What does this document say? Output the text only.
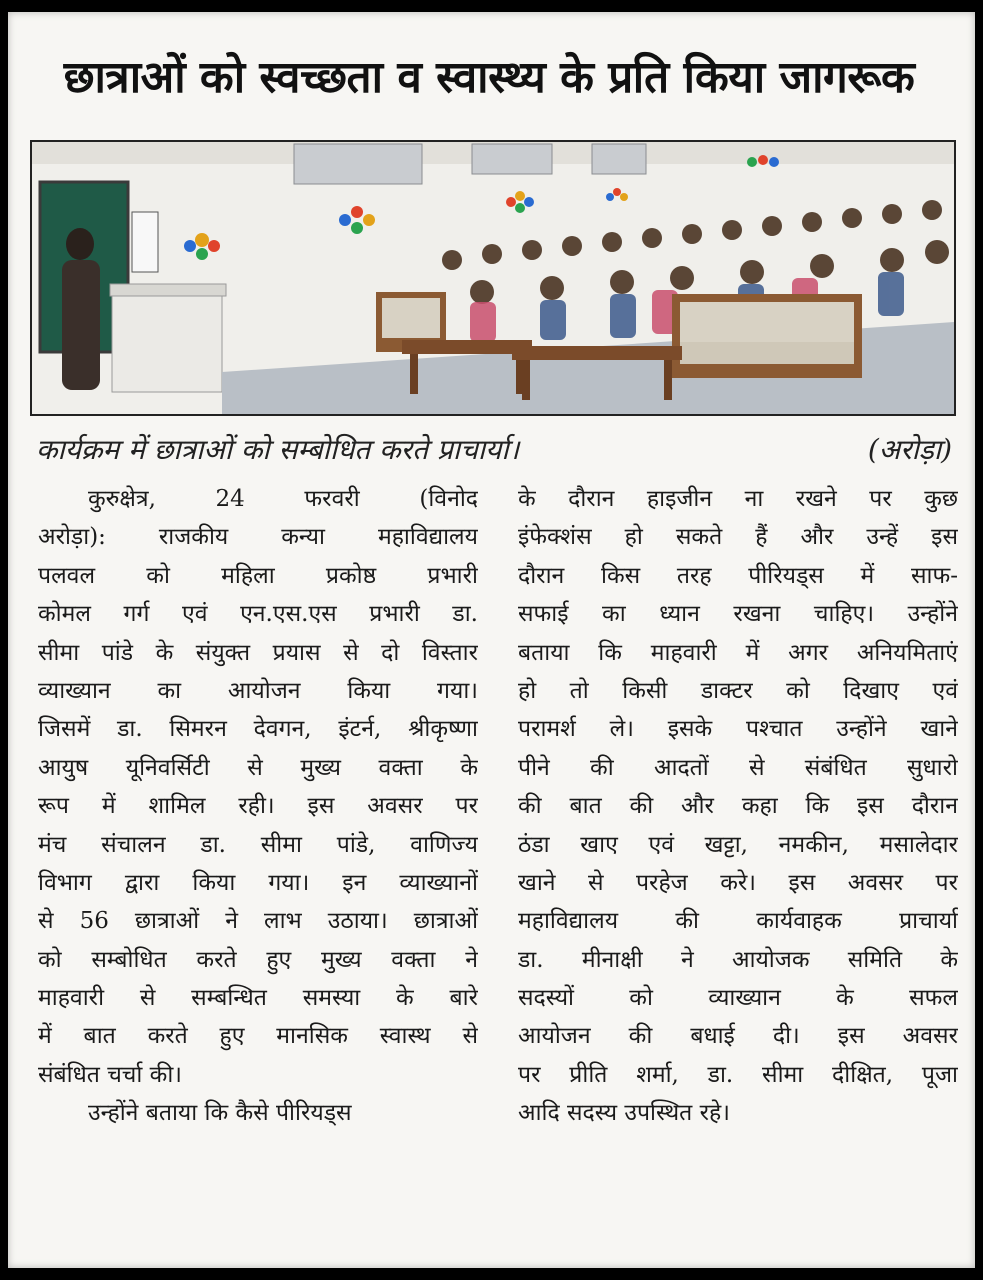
छात्राओं को स्वच्छता व स्वास्थ्य के प्रति किया जागरूक
कार्यक्रम में छात्राओं को सम्बोधित करते प्राचार्या।	(अरोड़ा)
कुरुक्षेत्र, 24 फरवरी (विनोद
अरोड़ा): राजकीय कन्या महाविद्यालय
पलवल को महिला प्रकोष्ठ प्रभारी
कोमल गर्ग एवं एन.एस.एस प्रभारी डा.
सीमा पांडे के संयुक्त प्रयास से दो विस्तार
व्याख्यान का आयोजन किया गया।
जिसमें डा. सिमरन देवगन, इंटर्न, श्रीकृष्णा
आयुष यूनिवर्सिटी से मुख्य वक्ता के
रूप में शामिल रही। इस अवसर पर
मंच संचालन डा. सीमा पांडे, वाणिज्य
विभाग द्वारा किया गया। इन व्याख्यानों
से 56 छात्राओं ने लाभ उठाया। छात्राओं
को सम्बोधित करते हुए मुख्य वक्ता ने
माहवारी से सम्बन्धित समस्या के बारे
में बात करते हुए मानसिक स्वास्थ से
संबंधित चर्चा की।
उन्होंने बताया कि कैसे पीरियड्स
के दौरान हाइजीन ना रखने पर कुछ
इंफेक्शंस हो सकते हैं और उन्हें इस
दौरान किस तरह पीरियड्स में साफ-
सफाई का ध्यान रखना चाहिए। उन्होंने
बताया कि माहवारी में अगर अनियमिताएं
हो तो किसी डाक्टर को दिखाए एवं
परामर्श ले। इसके पश्चात उन्होंने खाने
पीने की आदतों से संबंधित सुधारो
की बात की और कहा कि इस दौरान
ठंडा खाए एवं खट्टा, नमकीन, मसालेदार
खाने से परहेज करे। इस अवसर पर
महाविद्यालय की कार्यवाहक प्राचार्या
डा. मीनाक्षी ने आयोजक समिति के
सदस्यों को व्याख्यान के सफल
आयोजन की बधाई दी। इस अवसर
पर प्रीति शर्मा, डा. सीमा दीक्षित, पूजा
आदि सदस्य उपस्थित रहे।
